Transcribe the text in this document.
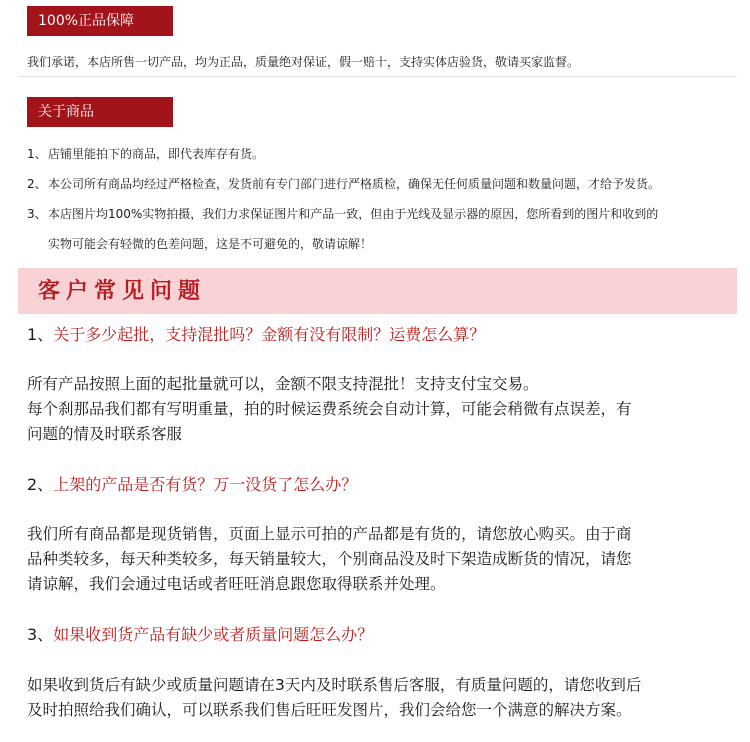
100%正品保障
我们承诺，本店所售一切产品，均为正品，质量绝对保证，假一赔十，支持实体店验货，敬请买家监督。
关于商品
1、 店铺里能拍下的商品，即代表库存有货。
2、 本公司所有商品均经过严格检查，发货前有专门部门进行严格质检，确保无任何质量问题和数量问题，才给予发货。
3、 本店图片均100%实物拍摄，我们力求保证图片和产品一致，但由于光线及显示器的原因，您所看到的图片和收到的
实物可能会有轻微的色差问题，这是不可避免的，敬请谅解！
客户常见问题
1、关于多少起批，支持混批吗？金额有没有限制？运费怎么算？
所有产品按照上面的起批量就可以，金额不限支持混批！支持支付宝交易。
每个刹那品我们都有写明重量，拍的时候运费系统会自动计算，可能会稍微有点误差，有
问题的情及时联系客服
2、上架的产品是否有货？万一没货了怎么办？
我们所有商品都是现货销售，页面上显示可拍的产品都是有货的，请您放心购买。由于商
品种类较多，每天种类较多，每天销量较大，个别商品没及时下架造成断货的情况，请您
请谅解，我们会通过电话或者旺旺消息跟您取得联系并处理。
3、如果收到货产品有缺少或者质量问题怎么办？
如果收到货后有缺少或质量问题请在3天内及时联系售后客服，有质量问题的，请您收到后
及时拍照给我们确认，可以联系我们售后旺旺发图片，我们会给您一个满意的解决方案。
